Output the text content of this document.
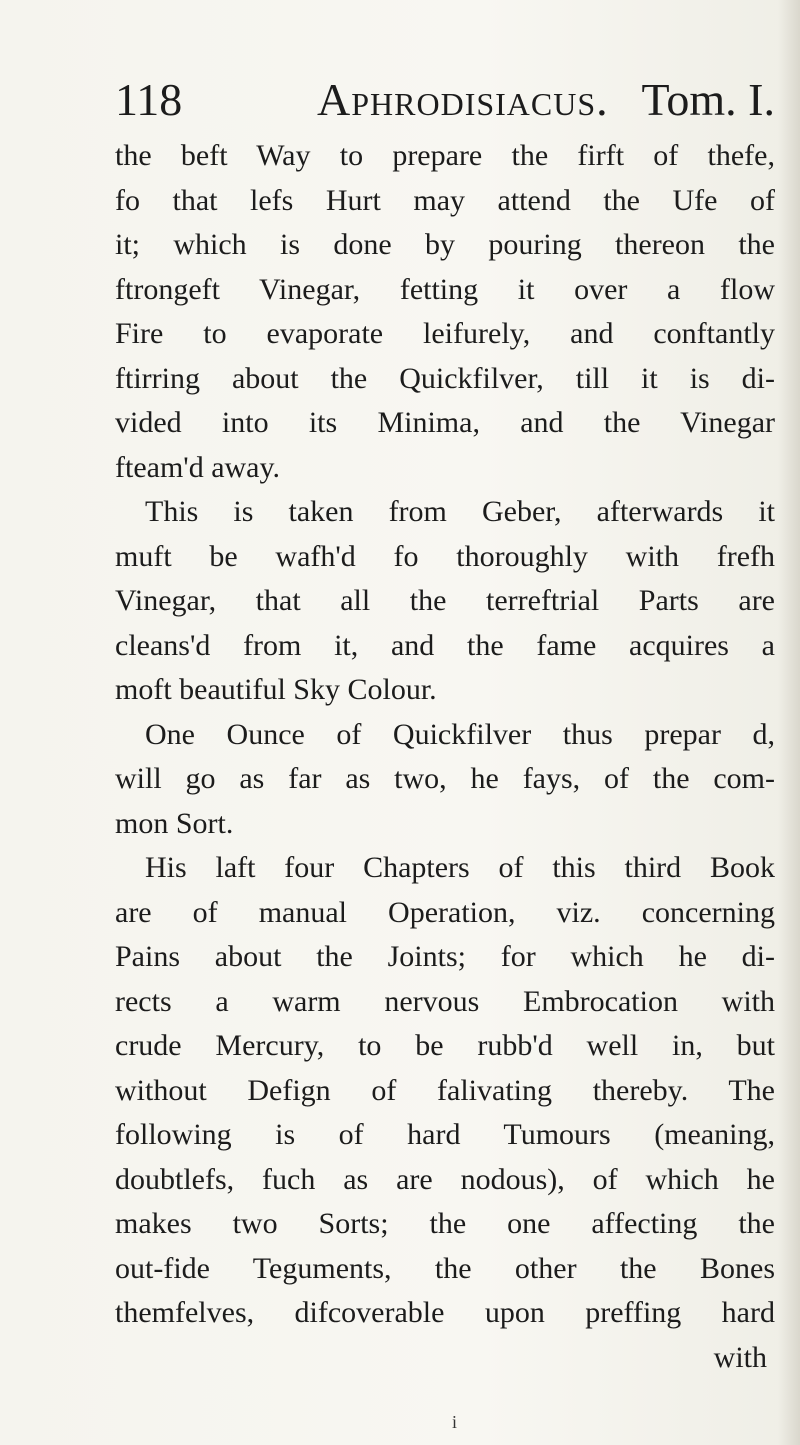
118	Aphrodisiacus. Tom. I.
the beft Way to prepare the firft of thefe,
fo that lefs Hurt may attend the Ufe of
it; which is done by pouring thereon the
ftrongeft Vinegar, fetting it over a flow
Fire to evaporate leifurely, and conftantly
ftirring about the Quickfilver, till it is di-
vided into its Minima, and the Vinegar
fteam'd away.
This is taken from Geber, afterwards it
muft be wafh'd fo thoroughly with frefh
Vinegar, that all the terreftrial Parts are
cleans'd from it, and the fame acquires a
moft beautiful Sky Colour.
One Ounce of Quickfilver thus prepar d,
will go as far as two, he fays, of the com-
mon Sort.
His laft four Chapters of this third Book
are of manual Operation, viz. concerning
Pains about the Joints; for which he di-
rects a warm nervous Embrocation with
crude Mercury, to be rubb'd well in, but
without Defign of falivating thereby. The
following is of hard Tumours (meaning,
doubtlefs, fuch as are nodous), of which he
makes two Sorts; the one affecting the
out-fide Teguments, the other the Bones
themfelves, difcoverable upon preffing hard
with
i
